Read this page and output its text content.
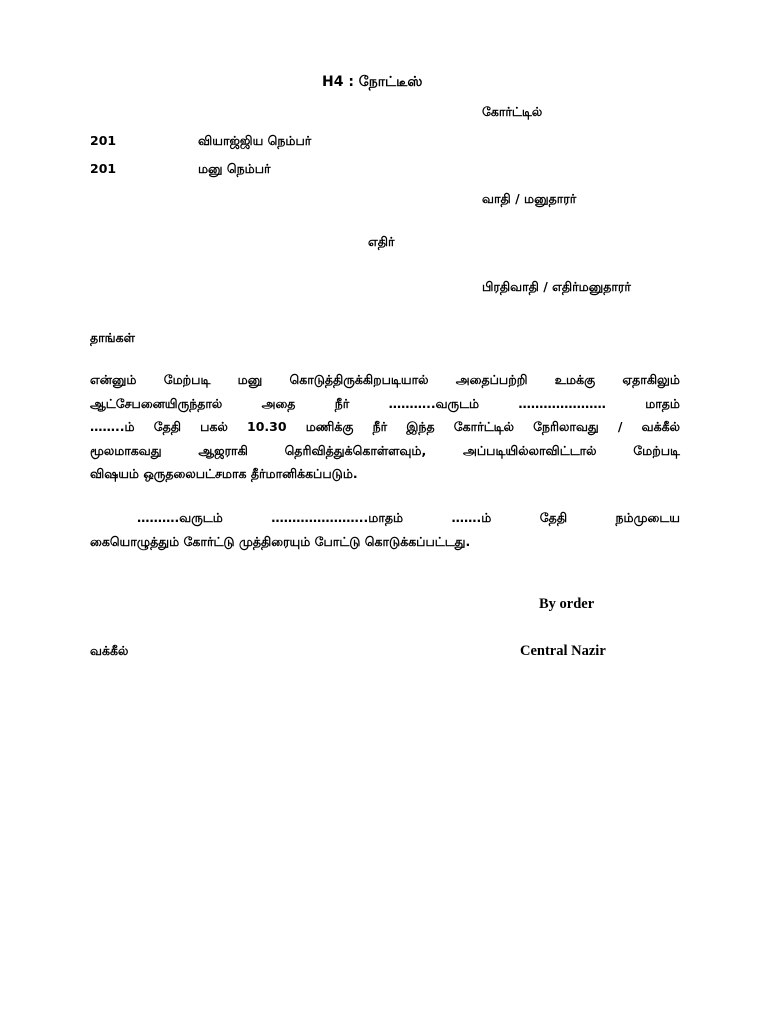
H4 : நோட்டீஸ்
கோர்ட்டில்
201	வியாஜ்ஜிய நெம்பர்
201	மனு நெம்பர்
வாதி / மனுதாரர்
எதிர்
பிரதிவாதி / எதிர்மனுதாரர்
தாங்கள்
என்னும் மேற்படி மனு கொடுத்திருக்கிறபடியால் அதைப்பற்றி உமக்கு ஏதாகிலும்
ஆட்சேபனையிருந்தால் அதை நீர் ………..வருடம் ………………… மாதம்
……..ம் தேதி பகல் 10.30 மணிக்கு நீர் இந்த கோர்ட்டில் நேரிலாவது / வக்கீல்
மூலமாகவது ஆஜராகி தெரிவித்துக்கொள்ளவும், அப்படியில்லாவிட்டால் மேற்படி
விஷயம் ஒருதலைபட்சமாக தீர்மானிக்கப்படும்.
……….வருடம் …………………..மாதம் …….ம் தேதி நம்முடைய
கையொழுத்தும் கோர்ட்டு முத்திரையும் போட்டு கொடுக்கப்பட்டது.
By order
வக்கீல்	Central Nazir
